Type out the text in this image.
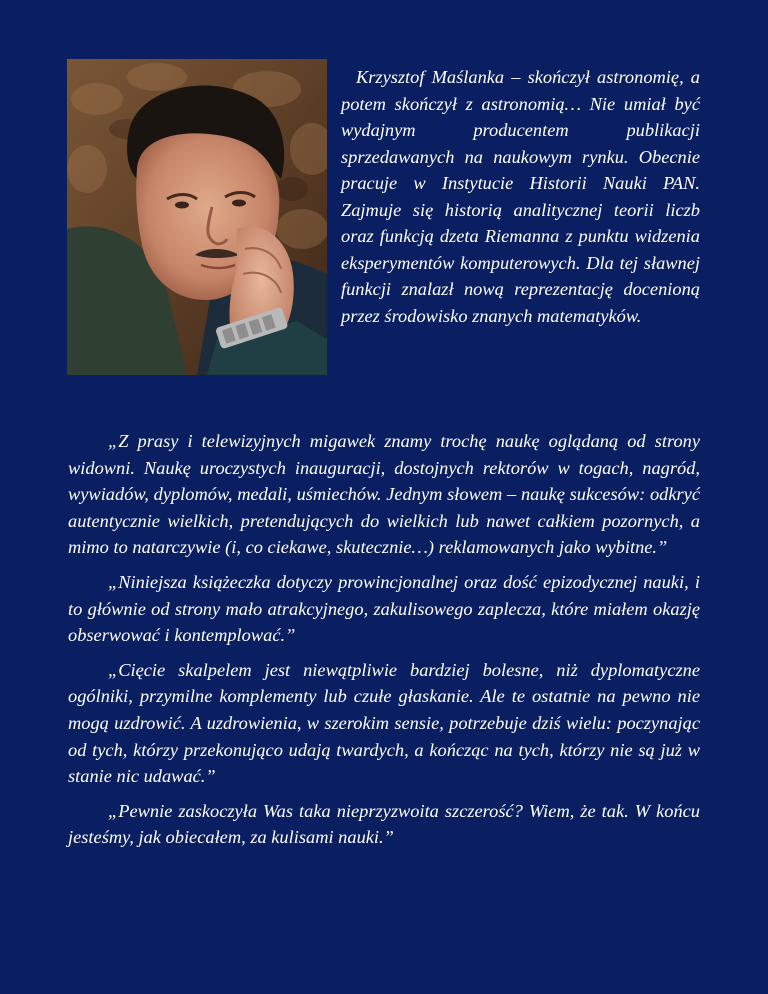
Krzysztof Maślanka – skończył astronomię, a potem skończył z astronomią… Nie umiał być wydajnym producentem publikacji sprzedawanych na naukowym rynku. Obecnie pracuje w Instytucie Historii Nauki PAN. Zajmuje się historią analitycznej teorii liczb oraz funkcją dzeta Riemanna z punktu widzenia eksperymentów komputerowych. Dla tej sławnej funkcji znalazł nową reprezentację docenioną przez środowisko znanych matematyków.

„Z prasy i telewizyjnych migawek znamy trochę naukę oglądaną od strony widowni. Naukę uroczystych inauguracji, dostojnych rektorów w togach, nagród, wywiadów, dyplomów, medali, uśmiechów. Jednym słowem – naukę sukcesów: odkryć autentycznie wielkich, pretendujących do wielkich lub nawet całkiem pozornych, a mimo to natarczywie (i, co ciekawe, skutecznie…) reklamowanych jako wybitne.”

„Niniejsza książeczka dotyczy prowincjonalnej oraz dość epizodycznej nauki, i to głównie od strony mało atrakcyjnego, zakulisowego zaplecza, które miałem okazję obserwować i kontemplować.”

„Cięcie skalpelem jest niewątpliwie bardziej bolesne, niż dyplomatyczne ogólniki, przymilne komplementy lub czułe głaskanie. Ale te ostatnie na pewno nie mogą uzdrowić. A uzdrowienia, w szerokim sensie, potrzebuje dziś wielu: poczynając od tych, którzy przekonująco udają twardych, a kończąc na tych, którzy nie są już w stanie nic udawać.”

„Pewnie zaskoczyła Was taka nieprzyzwoita szczerość? Wiem, że tak. W końcu jesteśmy, jak obiecałem, za kulisami nauki.”
